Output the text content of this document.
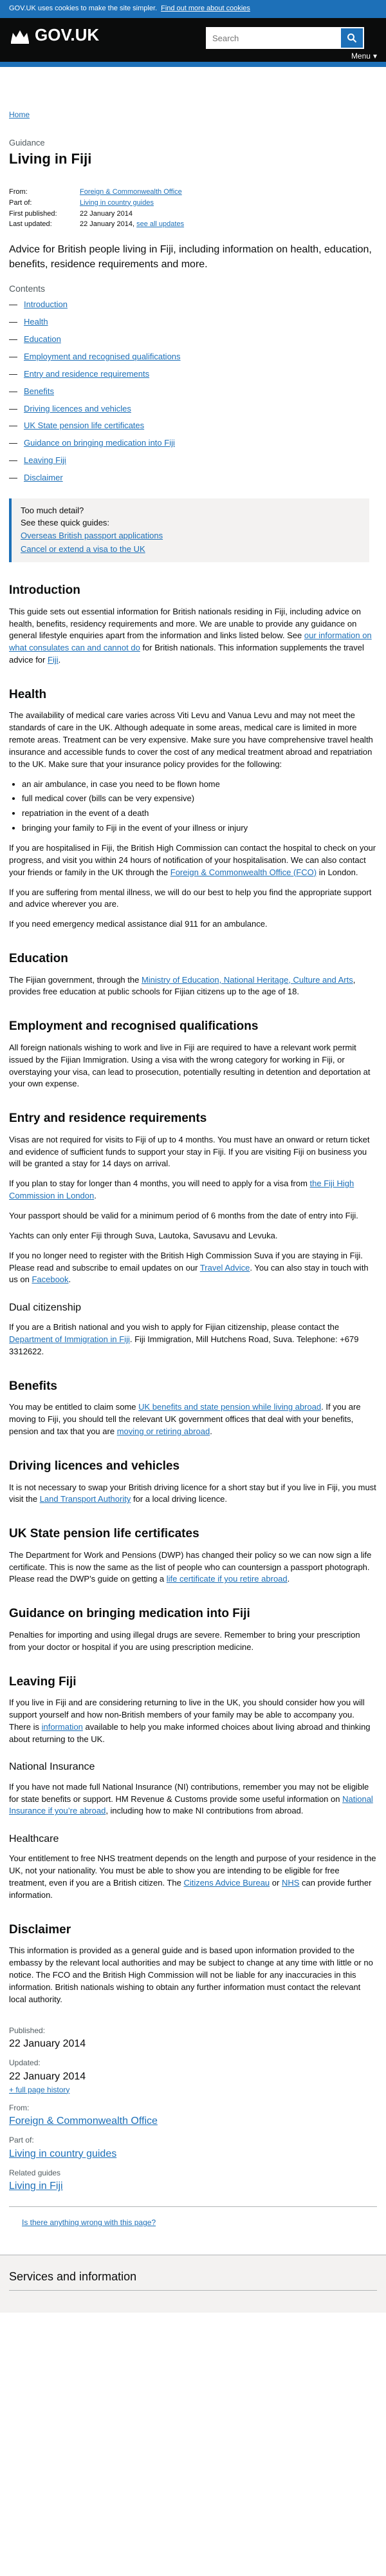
GOV.UK uses cookies to make the site simpler. Find out more about cookies
GOV.UK
Search
Menu ▾
Home
Guidance
Living in Fiji
From:	Foreign & Commonwealth Office
Part of:	Living in country guides
First published:	22 January 2014
Last updated:	22 January 2014, see all updates

Advice for British people living in Fiji, including information on health, education, benefits, residence requirements and more.

Contents
— Introduction
— Health
— Education
— Employment and recognised qualifications
— Entry and residence requirements
— Benefits
— Driving licences and vehicles
— UK State pension life certificates
— Guidance on bringing medication into Fiji
— Leaving Fiji
— Disclaimer
Too much detail?
See these quick guides:
Overseas British passport applications
Cancel or extend a visa to the UK
Introduction

This guide sets out essential information for British nationals residing in Fiji, including advice on health, benefits, residency requirements and more. We are unable to provide any guidance on general lifestyle enquiries apart from the information and links listed below. See our information on what consulates can and cannot do for British nationals. This information supplements the travel advice for Fiji.

Health

The availability of medical care varies across Viti Levu and Vanua Levu and may not meet the standards of care in the UK. Although adequate in some areas, medical care is limited in more remote areas. Treatment can be very expensive. Make sure you have comprehensive travel health insurance and accessible funds to cover the cost of any medical treatment abroad and repatriation to the UK. Make sure that your insurance policy provides for the following:

• an air ambulance, in case you need to be flown home
• full medical cover (bills can be very expensive)
• repatriation in the event of a death
• bringing your family to Fiji in the event of your illness or injury

If you are hospitalised in Fiji, the British High Commission can contact the hospital to check on your progress, and visit you within 24 hours of notification of your hospitalisation. We can also contact your friends or family in the UK through the Foreign & Commonwealth Office (FCO) in London.

If you are suffering from mental illness, we will do our best to help you find the appropriate support and advice wherever you are.

If you need emergency medical assistance dial 911 for an ambulance.

Education

The Fijian government, through the Ministry of Education, National Heritage, Culture and Arts, provides free education at public schools for Fijian citizens up to the age of 18.

Employment and recognised qualifications

All foreign nationals wishing to work and live in Fiji are required to have a relevant work permit issued by the Fijian Immigration. Using a visa with the wrong category for working in Fiji, or overstaying your visa, can lead to prosecution, potentially resulting in detention and deportation at your own expense.

Entry and residence requirements

Visas are not required for visits to Fiji of up to 4 months. You must have an onward or return ticket and evidence of sufficient funds to support your stay in Fiji. If you are visiting Fiji on business you will be granted a stay for 14 days on arrival.

If you plan to stay for longer than 4 months, you will need to apply for a visa from the Fiji High Commission in London.

Your passport should be valid for a minimum period of 6 months from the date of entry into Fiji.

Yachts can only enter Fiji through Suva, Lautoka, Savusavu and Levuka.

If you no longer need to register with the British High Commission Suva if you are staying in Fiji. Please read and subscribe to email updates on our Travel Advice. You can also stay in touch with us on Facebook.

Dual citizenship

If you are a British national and you wish to apply for Fijian citizenship, please contact the Department of Immigration in Fiji. Fiji Immigration, Mill Hutchens Road, Suva. Telephone: +679 3312622.

Benefits

You may be entitled to claim some UK benefits and state pension while living abroad. If you are moving to Fiji, you should tell the relevant UK government offices that deal with your benefits, pension and tax that you are moving or retiring abroad.

Driving licences and vehicles

It is not necessary to swap your British driving licence for a short stay but if you live in Fiji, you must visit the Land Transport Authority for a local driving licence.

UK State pension life certificates

The Department for Work and Pensions (DWP) has changed their policy so we can now sign a life certificate. This is now the same as the list of people who can countersign a passport photograph. Please read the DWP’s guide on getting a life certificate if you retire abroad.

Guidance on bringing medication into Fiji

Penalties for importing and using illegal drugs are severe. Remember to bring your prescription from your doctor or hospital if you are using prescription medicine.

Leaving Fiji

If you live in Fiji and are considering returning to live in the UK, you should consider how you will support yourself and how non-British members of your family may be able to accompany you. There is information available to help you make informed choices about living abroad and thinking about returning to the UK.

National Insurance

If you have not made full National Insurance (NI) contributions, remember you may not be eligible for state benefits or support. HM Revenue & Customs provide some useful information on National Insurance if you’re abroad, including how to make NI contributions from abroad.

Healthcare

Your entitlement to free NHS treatment depends on the length and purpose of your residence in the UK, not your nationality. You must be able to show you are intending to be eligible for free treatment, even if you are a British citizen. The Citizens Advice Bureau or NHS can provide further information.

Disclaimer

This information is provided as a general guide and is based upon information provided to the embassy by the relevant local authorities and may be subject to change at any time with little or no notice. The FCO and the British High Commission will not be liable for any inaccuracies in this information. British nationals wishing to obtain any further information must contact the relevant local authority.

Published:
22 January 2014
Updated:
22 January 2014
+ full page history
From:
Foreign & Commonwealth Office
Part of:
Living in country guides
Related guides
Living in Fiji
Is there anything wrong with this page?
Services and information
